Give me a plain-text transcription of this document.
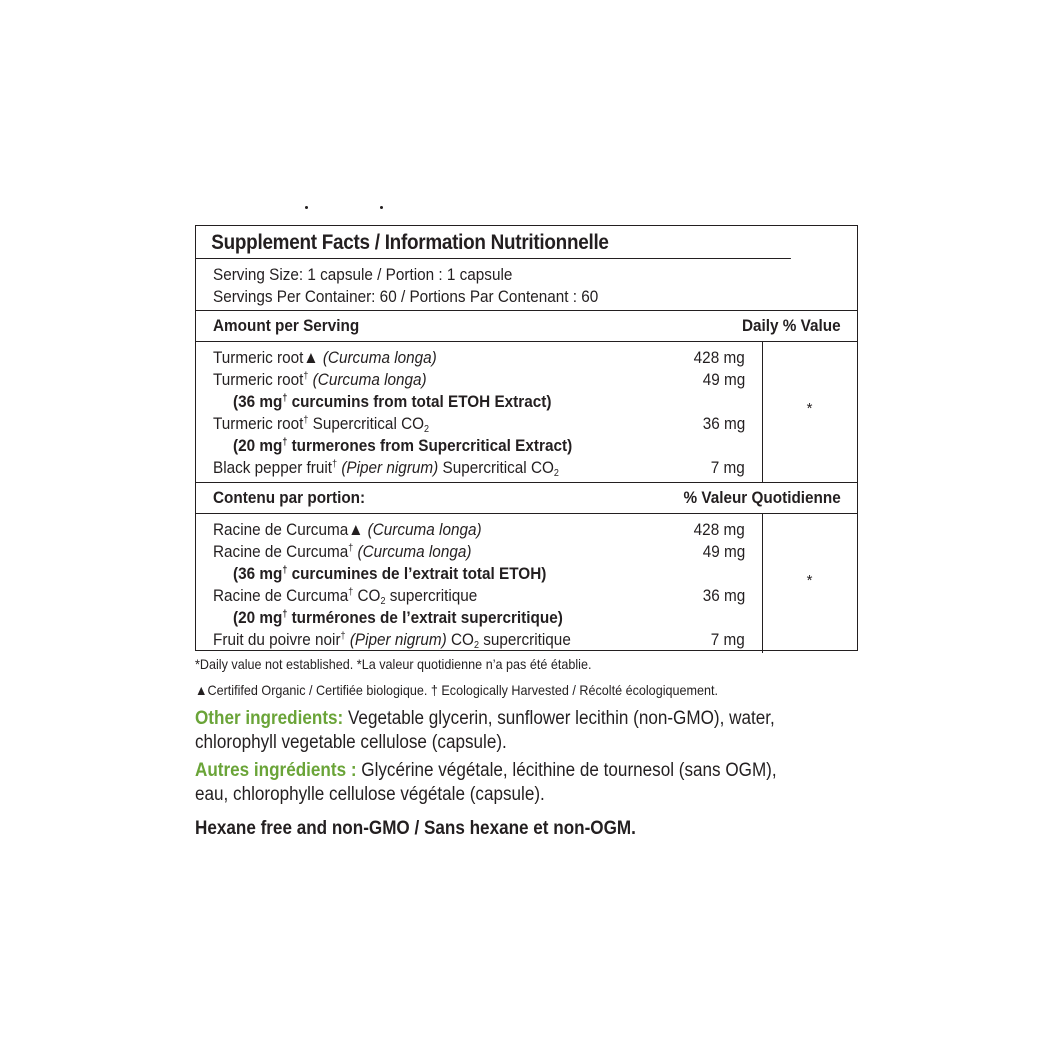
Supplement Facts / Information Nutritionnelle
Serving Size: 1 capsule / Portion : 1 capsule
Servings Per Container: 60 / Portions Par Contenant : 60
Amount per Serving	Daily % Value
*
Turmeric root▲ (Curcuma longa)	428 mg
Turmeric root† (Curcuma longa)	49 mg
(36 mg† curcumins from total ETOH Extract)
Turmeric root† Supercritical $CO_2$	36 mg
(20 mg† turmerones from Supercritical Extract)
Black pepper fruit† (Piper nigrum) Supercritical $CO_2$	7 mg
Contenu par portion:	% Valeur Quotidienne
*
Racine de Curcuma▲ (Curcuma longa)	428 mg
Racine de Curcuma† (Curcuma longa)	49 mg
(36 mg† curcumines de l’extrait total ETOH)
Racine de Curcuma† $CO_2$ supercritique	36 mg
(20 mg† turmérones de l’extrait supercritique)
Fruit du poivre noir† (Piper nigrum) $CO_2$ supercritique	7 mg
*Daily value not established. *La valeur quotidienne n’a pas été établie.
▲Certififed Organic / Certifiée biologique. † Ecologically Harvested / Récolté écologiquement.
Other ingredients: Vegetable glycerin, sunflower lecithin (non-GMO), water,
chlorophyll vegetable cellulose (capsule).
Autres ingrédients : Glycérine végétale, lécithine de tournesol (sans OGM),
eau, chlorophylle cellulose végétale (capsule).
Hexane free and non-GMO / Sans hexane et non-OGM.
